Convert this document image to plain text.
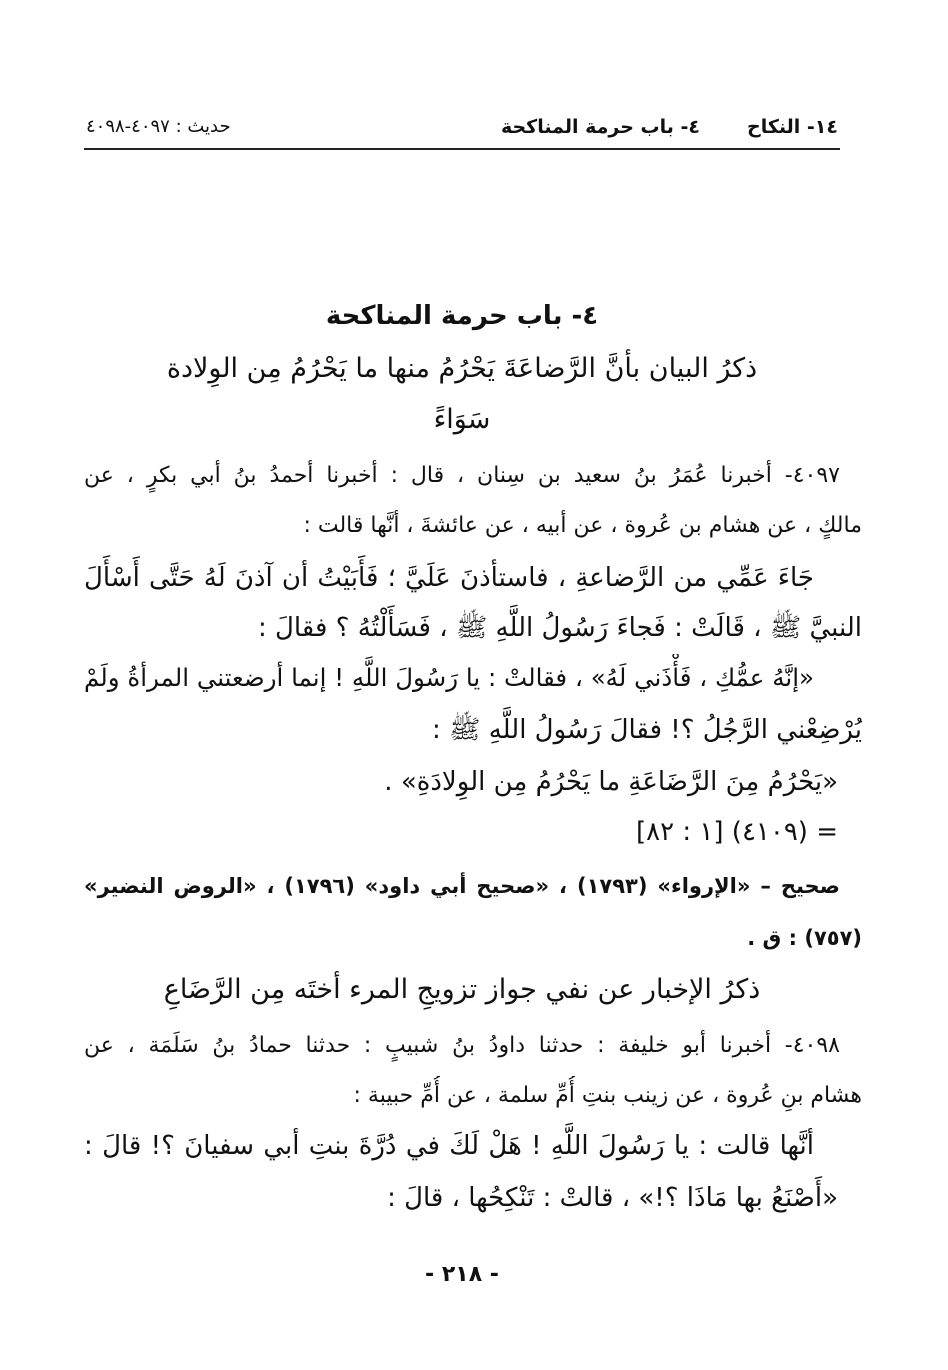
١٤- النكاح
٤- باب حرمة المناكحة
حديث : ٤٠٩٧-٤٠٩٨
٤- باب حرمة المناكحة
ذكرُ البيان بأنَّ الرَّضاعَةَ يَحْرُمُ منها ما يَحْرُمُ مِن الوِلادة
سَوَاءً
٤٠٩٧- أخبرنا عُمَرُ بنُ سعيد بن سِنان ، قال : أخبرنا أحمدُ بنُ أبي بكرٍ ، عن
مالكٍ ، عن هشام بن عُروة ، عن أبيه ، عن عائشةَ ، أنَّها قالت :
جَاءَ عَمِّي من الرَّضاعةِ ، فاستأذنَ عَلَيَّ ؛ فَأَبَيْتُ أن آذنَ لَهُ حَتَّى أَسْأَلَ
النبيَّ ﷺ ، قَالَتْ : فَجاءَ رَسُولُ اللَّهِ ﷺ ، فَسَأَلْتُهُ ؟ فقالَ :
«إنَّهُ عمُّكِ ، فَأْذَني لَهُ» ، فقالتْ : يا رَسُولَ اللَّهِ ! إنما أرضعتني المرأةُ ولَمْ
يُرْضِعْني الرَّجُلُ ؟! فقالَ رَسُولُ اللَّهِ ﷺ :
«يَحْرُمُ مِنَ الرَّضَاعَةِ ما يَحْرُمُ مِن الوِلادَةِ» .
= (٤١٠٩) [١ : ٨٢]
صحيح – «الإرواء» (١٧٩٣) ، «صحيح أبي داود» (١٧٩٦) ، «الروض النضير»
(٧٥٧) : ق .
ذكرُ الإخبار عن نفي جواز تزويجِ المرء أختَه مِن الرَّضَاعِ
٤٠٩٨- أخبرنا أبو خليفة : حدثنا داودُ بنُ شبيبٍ : حدثنا حمادُ بنُ سَلَمَة ، عن
هشام بنِ عُروة ، عن زينب بنتِ أُمِّ سلمة ، عن أُمِّ حبيبة :
أنَّها قالت : يا رَسُولَ اللَّهِ ! هَلْ لَكَ في دُرَّةَ بنتِ أبي سفيانَ ؟! قالَ :
«أَصْنَعُ بها مَاذَا ؟!» ، قالتْ : تَنْكِحُها ، قالَ :
- ٢١٨ -
